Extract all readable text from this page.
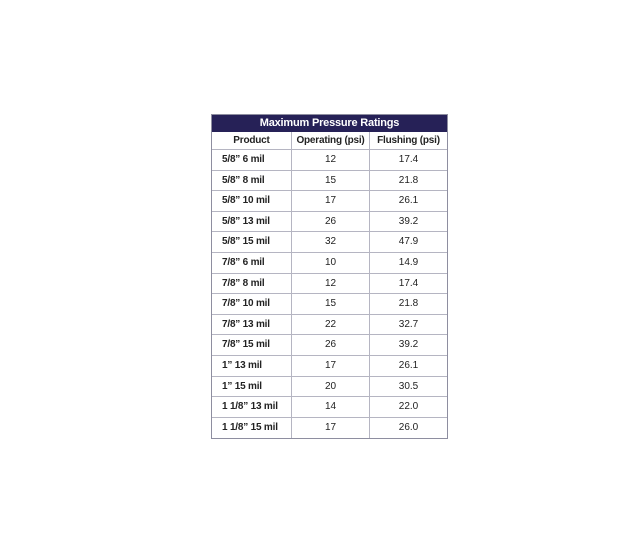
Maximum Pressure Ratings
Product	Operating (psi)	Flushing (psi)
5/8” 6 mil	12	17.4
5/8” 8 mil	15	21.8
5/8” 10 mil	17	26.1
5/8” 13 mil	26	39.2
5/8” 15 mil	32	47.9
7/8” 6 mil	10	14.9
7/8” 8 mil	12	17.4
7/8” 10 mil	15	21.8
7/8” 13 mil	22	32.7
7/8” 15 mil	26	39.2
1” 13 mil	17	26.1
1” 15 mil	20	30.5
1 1/8” 13 mil	14	22.0
1 1/8” 15 mil	17	26.0
